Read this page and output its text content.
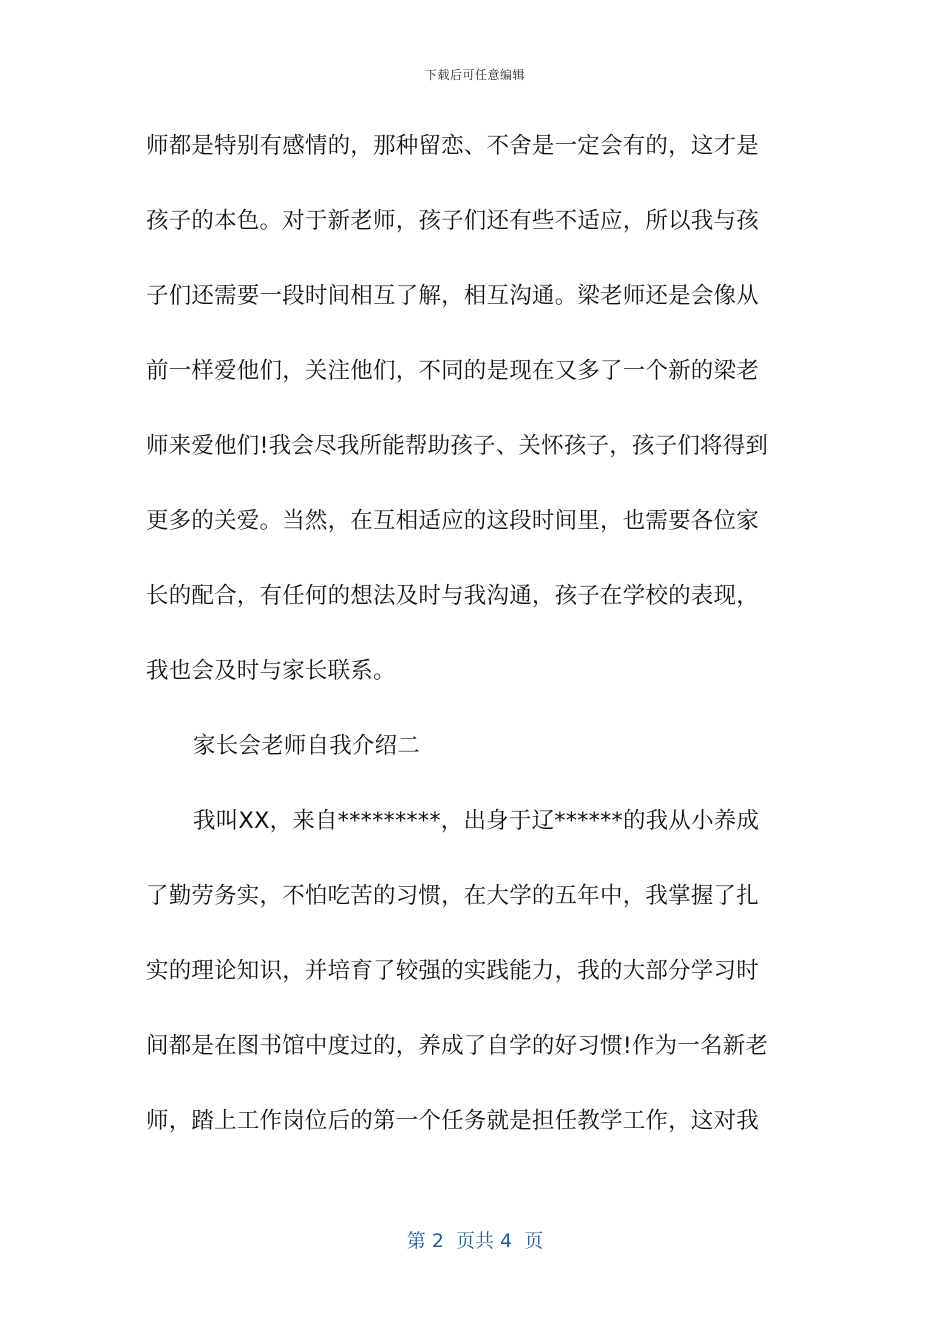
下载后可任意编辑
师都是特别有感情的，那种留恋、不舍是一定会有的，这才是
孩子的本色。对于新老师，孩子们还有些不适应，所以我与孩
子们还需要一段时间相互了解，相互沟通。梁老师还是会像从
前一样爱他们，关注他们，不同的是现在又多了一个新的梁老
师来爱他们!我会尽我所能帮助孩子、关怀孩子，孩子们将得到
更多的关爱。当然，在互相适应的这段时间里，也需要各位家
长的配合，有任何的想法及时与我沟通，孩子在学校的表现，
我也会及时与家长联系。
家长会老师自我介绍二
我叫XX，来自*********，出身于辽******的我从小养成
了勤劳务实，不怕吃苦的习惯，在大学的五年中，我掌握了扎
实的理论知识，并培育了较强的实践能力，我的大部分学习时
间都是在图书馆中度过的，养成了自学的好习惯!作为一名新老
师，踏上工作岗位后的第一个任务就是担任教学工作，这对我
第 2  页共 4  页
